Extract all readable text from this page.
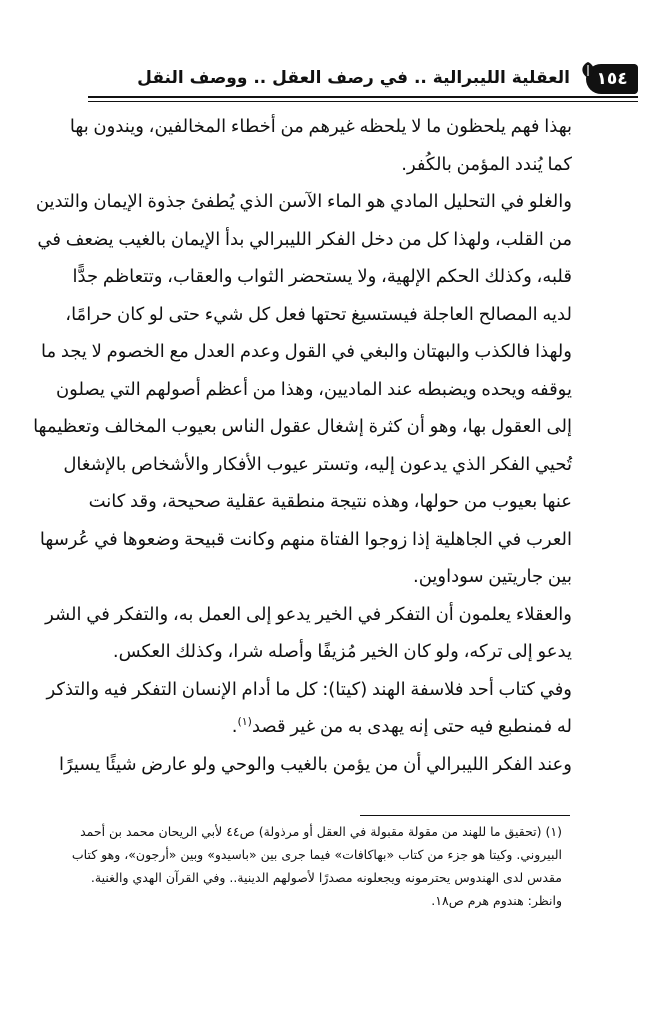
١٥٤
العقلية الليبرالية .. في رصف العقل .. ووصف النقل
بهذا فهم يلحظون ما لا يلحظه غيرهم من أخطاء المخالفين، ويندون بها
كما يُندد المؤمن بالكُفر.
والغلو في التحليل المادي هو الماء الآسن الذي يُطفئ جذوة الإيمان والتدين
من القلب، ولهذا كل من دخل الفكر الليبرالي بدأ الإيمان بالغيب يضعف في
قلبه، وكذلك الحكم الإلهية، ولا يستحضر الثواب والعقاب، وتتعاظم جدًّا
لديه المصالح العاجلة فيستسيغ تحتها فعل كل شيء حتى لو كان حرامًا،
ولهذا فالكذب والبهتان والبغي في القول وعدم العدل مع الخصوم لا يجد ما
يوقفه ويحده ويضبطه عند الماديين، وهذا من أعظم أصولهم التي يصلون
إلى العقول بها، وهو أن كثرة إشغال عقول الناس بعيوب المخالف وتعظيمها
تُحيي الفكر الذي يدعون إليه، وتستر عيوب الأفكار والأشخاص بالإشغال
عنها بعيوب من حولها، وهذه نتيجة منطقية عقلية صحيحة، وقد كانت
العرب في الجاهلية إذا زوجوا الفتاة منهم وكانت قبيحة وضعوها في عُرسها
بين جاريتين سوداوين.
والعقلاء يعلمون أن التفكر في الخير يدعو إلى العمل به، والتفكر في الشر
يدعو إلى تركه، ولو كان الخير مُزيفًا وأصله شرا، وكذلك العكس.
وفي كتاب أحد فلاسفة الهند (كيتا): كل ما أدام الإنسان التفكر فيه والتذكر
له فمنطبع فيه حتى إنه يهدى به من غير قصد$^{(١)}$.
وعند الفكر الليبرالي أن من يؤمن بالغيب والوحي ولو عارض شيئًا يسيرًا
(١) (تحقيق ما للهند من مقولة مقبولة في العقل أو مرذولة) ص٤٤ لأبي الريحان محمد بن أحمد
البيروني. وكيتا هو جزء من كتاب «بهاكافات» فيما جرى بين «باسيدو» وبين «أرجون»، وهو كتاب
مقدس لدى الهندوس يحترمونه ويجعلونه مصدرًا لأصولهم الدينية.. وفي القرآن الهدي والغنية.
وانظر: هندوم هرم ص١٨.
